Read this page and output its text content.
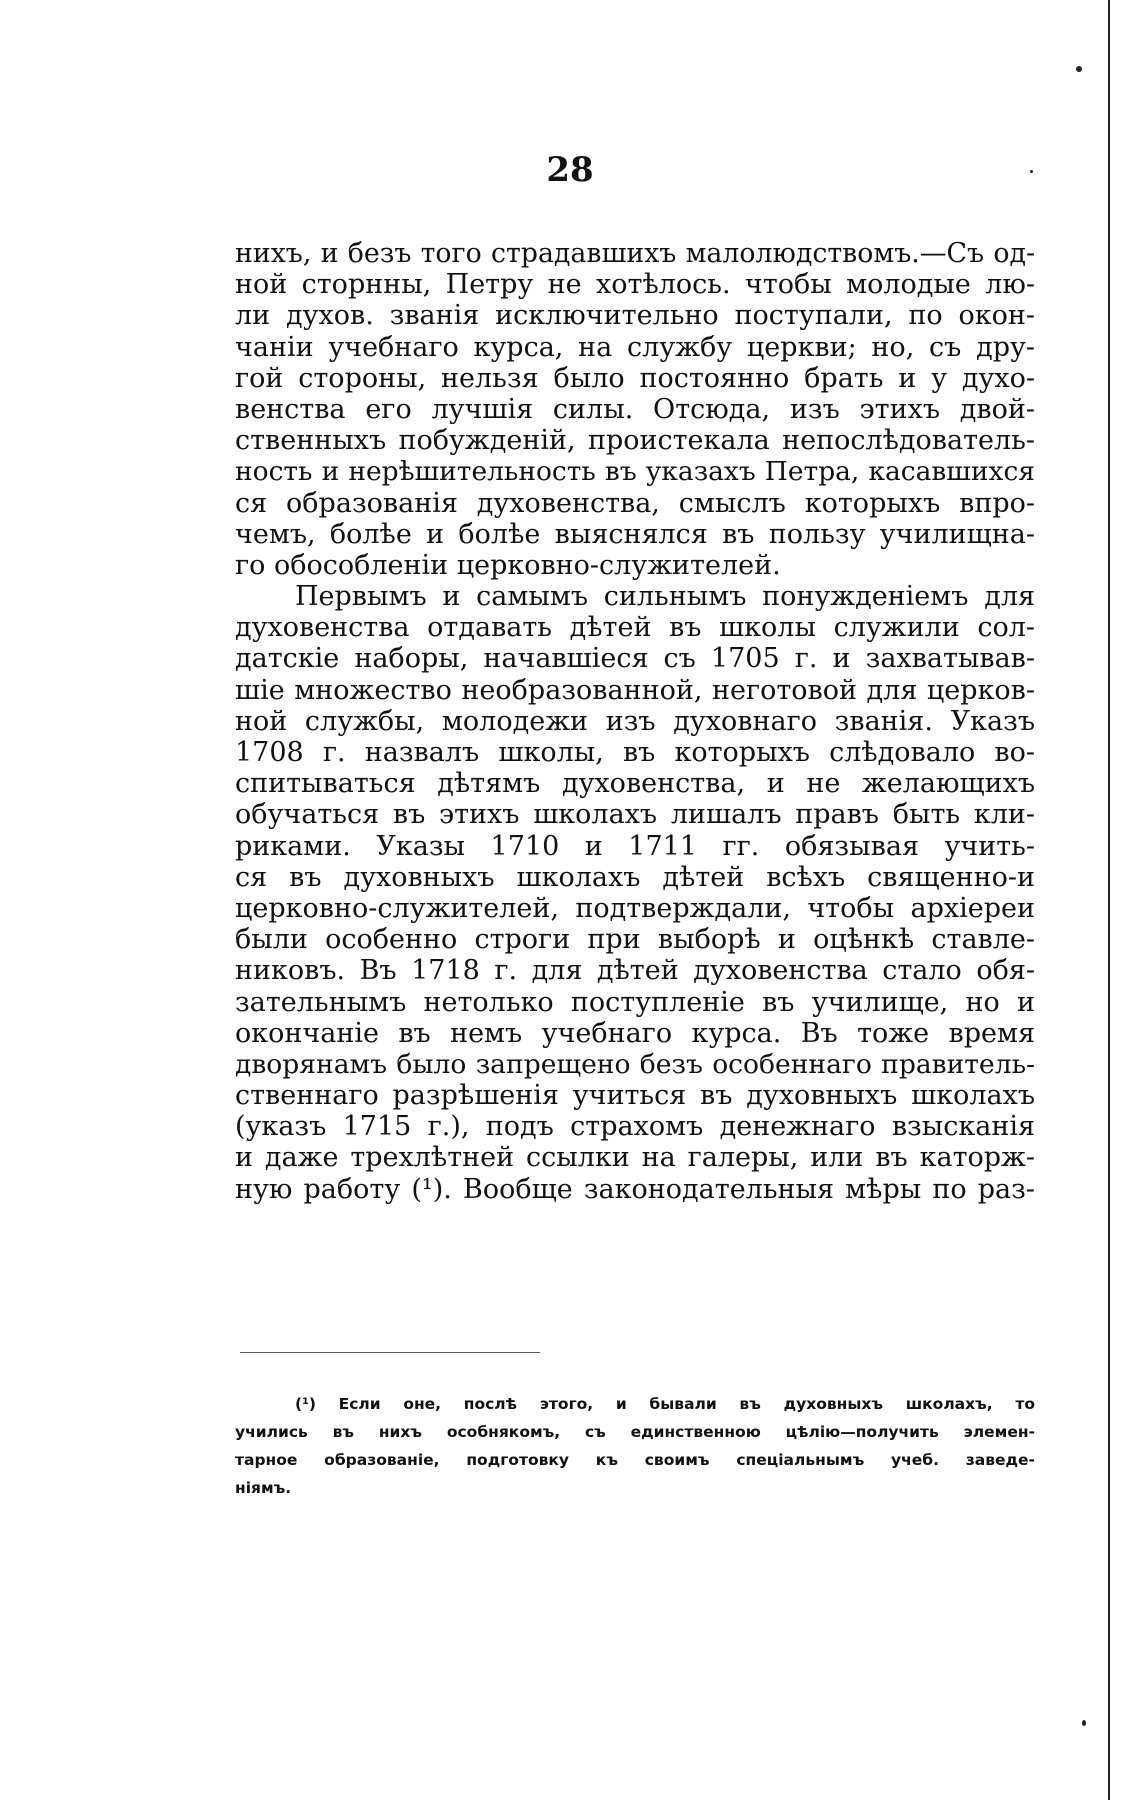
28
нихъ, и безъ того страдавшихъ малолюдствомъ.—Съ од-
ной сторнны, Петру не хотѣлось. чтобы молодые лю-
ли духов. званія исключительно поступали, по окон-
чаніи учебнаго курса, на службу церкви; но, съ дру-
гой стороны, нельзя было постоянно брать и у духо-
венства его лучшія силы. Отсюда, изъ этихъ двой-
ственныхъ побужденій, проистекала непослѣдователь-
ность и нерѣшительность въ указахъ Петра, касавшихся
ся образованія духовенства, смыслъ которыхъ впро-
чемъ, болѣе и болѣе выяснялся въ пользу училищна-
го обособленіи церковно-служителей.
Первымъ и самымъ сильнымъ понужденіемъ для
духовенства отдавать дѣтей въ школы служили сол-
датскіе наборы, начавшіеся съ 1705 г. и захватывав-
шіе множество необразованной, неготовой для церков-
ной службы, молодежи изъ духовнаго званія. Указъ
1708 г. назвалъ школы, въ которыхъ слѣдовало во-
спитываться дѣтямъ духовенства, и не желающихъ
обучаться въ этихъ школахъ лишалъ правъ быть кли-
риками. Указы 1710 и 1711 гг. обязывая учить-
ся въ духовныхъ школахъ дѣтей всѣхъ священно-и
церковно-служителей, подтверждали, чтобы архіереи
были особенно строги при выборѣ и оцѣнкѣ ставле-
никовъ. Въ 1718 г. для дѣтей духовенства стало обя-
зательнымъ нетолько поступленіе въ училище, но и
окончаніе въ немъ учебнаго курса. Въ тоже время
дворянамъ было запрещено безъ особеннаго правитель-
ственнаго разрѣшенія учиться въ духовныхъ школахъ
(указъ 1715 г.), подъ страхомъ денежнаго взысканія
и даже трехлѣтней ссылки на галеры, или въ каторж-
ную работу (¹). Вообще законодательныя мѣры по раз-
(¹) Если оне, послѣ этого, и бывали въ духовныхъ школахъ, то
учились въ нихъ особнякомъ, съ единственною цѣлію—получить элемен-
тарное образованіе, подготовку къ своимъ спеціальнымъ учеб. заведе-
ніямъ.
